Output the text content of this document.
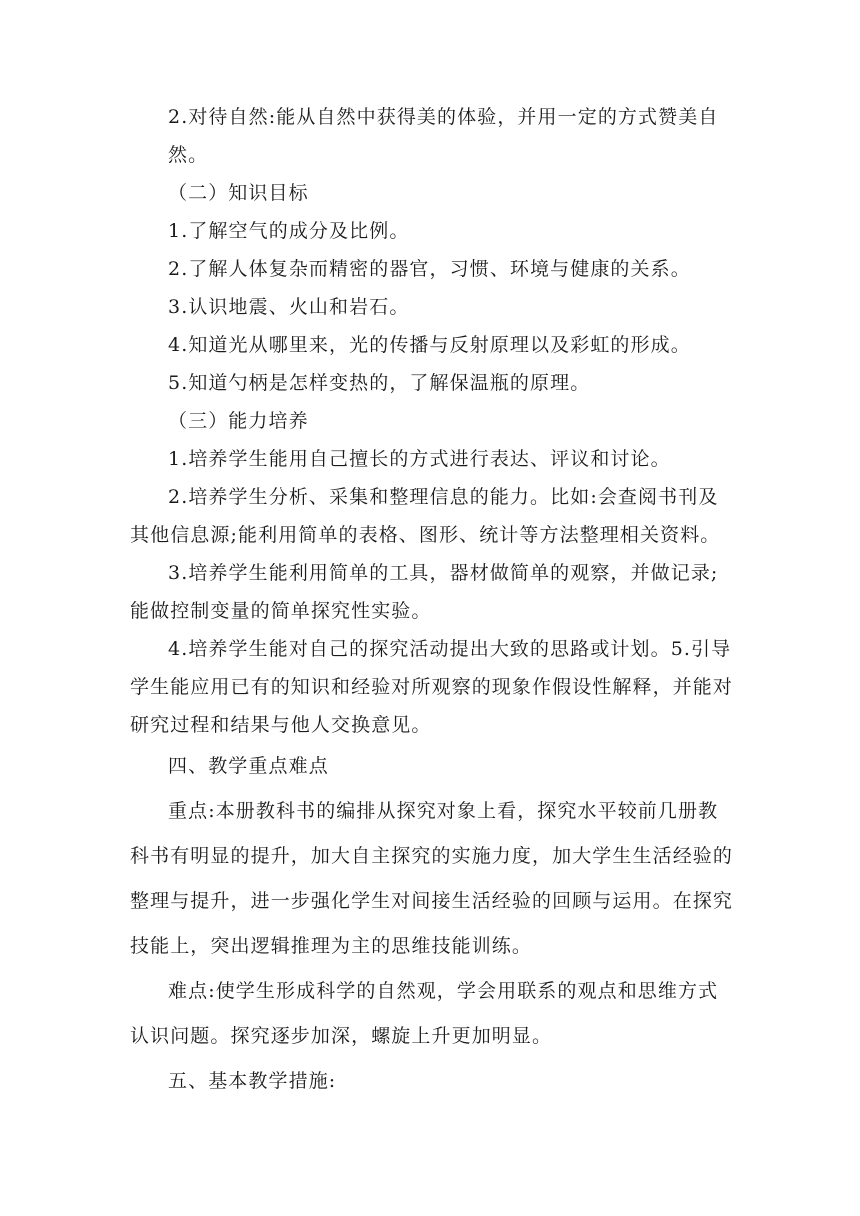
2.对待自然:能从自然中获得美的体验，并用一定的方式赞美自
然。
（二）知识目标
1.了解空气的成分及比例。
2.了解人体复杂而精密的器官，习惯、环境与健康的关系。
3.认识地震、火山和岩石。
4.知道光从哪里来，光的传播与反射原理以及彩虹的形成。
5.知道勺柄是怎样变热的，了解保温瓶的原理。
（三）能力培养
1.培养学生能用自己擅长的方式进行表达、评议和讨论。
2.培养学生分析、采集和整理信息的能力。比如:会查阅书刊及
其他信息源;能利用简单的表格、图形、统计等方法整理相关资料。
3.培养学生能利用简单的工具，器材做简单的观察，并做记录;
能做控制变量的简单探究性实验。
4.培养学生能对自己的探究活动提出大致的思路或计划。5.引导
学生能应用已有的知识和经验对所观察的现象作假设性解释，并能对
研究过程和结果与他人交换意见。
四、教学重点难点
重点:本册教科书的编排从探究对象上看，探究水平较前几册教
科书有明显的提升，加大自主探究的实施力度，加大学生生活经验的
整理与提升，进一步强化学生对间接生活经验的回顾与运用。在探究
技能上，突出逻辑推理为主的思维技能训练。
难点:使学生形成科学的自然观，学会用联系的观点和思维方式
认识问题。探究逐步加深，螺旋上升更加明显。
五、基本教学措施:
